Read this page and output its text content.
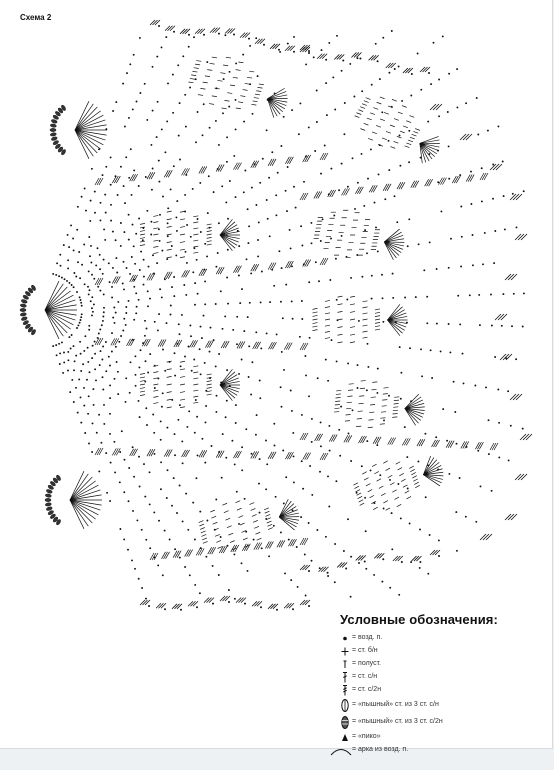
Схема 2
Условные обозначения:
= возд. п.
= ст. б/н
= полуст.
= ст. с/н
= ст. с/2н
= «пышный» ст. из 3 ст. с/н
= «пышный» ст. из 3 ст. с/2н
= «пико»
= арка из возд. п.
